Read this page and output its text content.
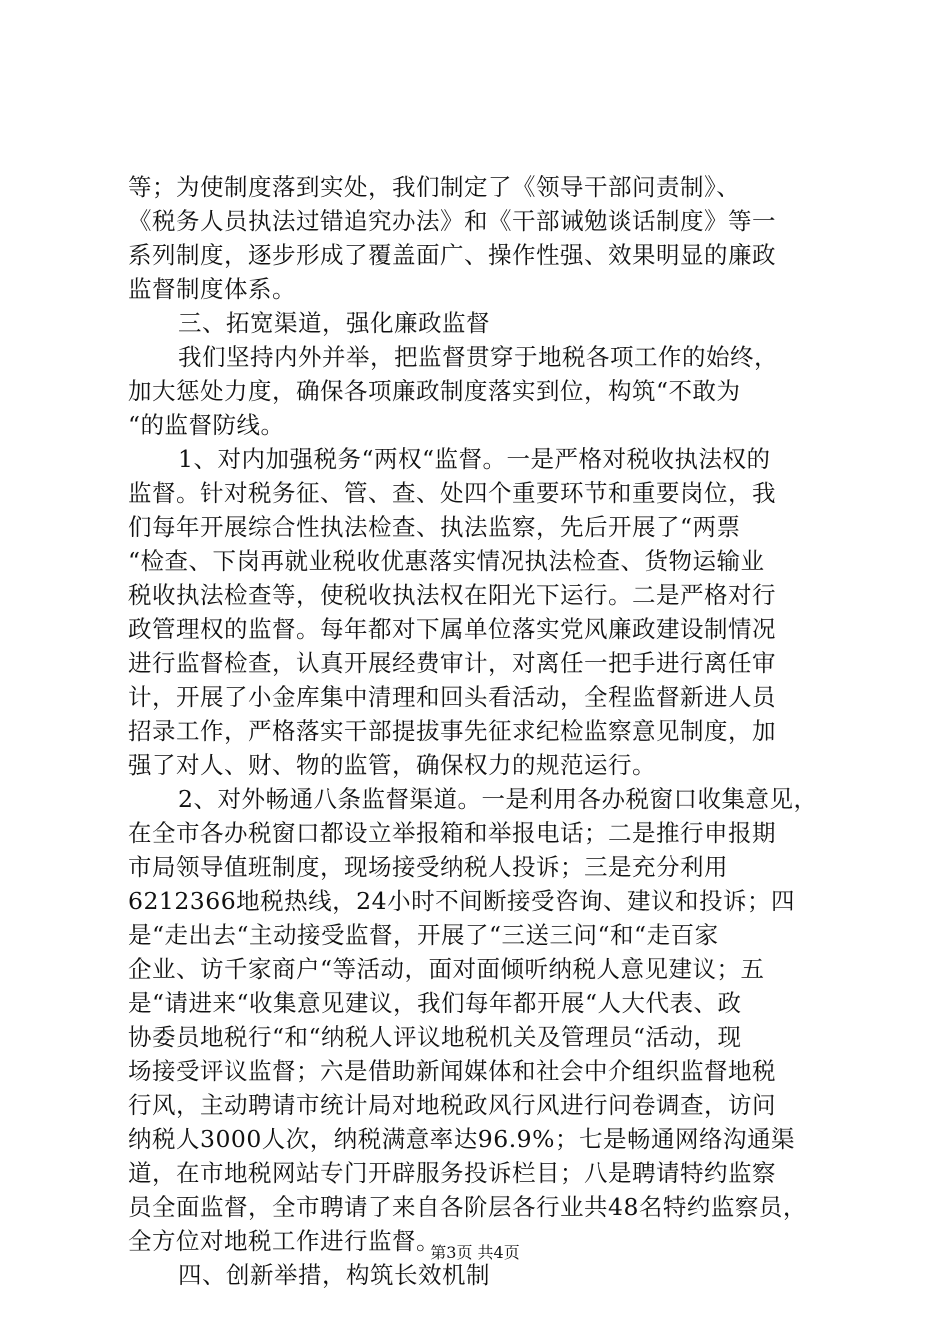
等；为使制度落到实处，我们制定了《领导干部问责制》、
《税务人员执法过错追究办法》和《干部诫勉谈话制度》等一
系列制度，逐步形成了覆盖面广、操作性强、效果明显的廉政
监督制度体系。
三、拓宽渠道，强化廉政监督
我们坚持内外并举，把监督贯穿于地税各项工作的始终，
加大惩处力度，确保各项廉政制度落实到位，构筑“不敢为
“的监督防线。
1、对内加强税务“两权“监督。一是严格对税收执法权的
监督。针对税务征、管、查、处四个重要环节和重要岗位，我
们每年开展综合性执法检查、执法监察，先后开展了“两票
“检查、下岗再就业税收优惠落实情况执法检查、货物运输业
税收执法检查等，使税收执法权在阳光下运行。二是严格对行
政管理权的监督。每年都对下属单位落实党风廉政建设制情况
进行监督检查，认真开展经费审计，对离任一把手进行离任审
计，开展了小金库集中清理和回头看活动，全程监督新进人员
招录工作，严格落实干部提拔事先征求纪检监察意见制度，加
强了对人、财、物的监管，确保权力的规范运行。
2、对外畅通八条监督渠道。一是利用各办税窗口收集意见，
在全市各办税窗口都设立举报箱和举报电话；二是推行申报期
市局领导值班制度，现场接受纳税人投诉；三是充分利用
6212366地税热线，24小时不间断接受咨询、建议和投诉；四
是“走出去“主动接受监督，开展了“三送三问“和“走百家
企业、访千家商户“等活动，面对面倾听纳税人意见建议；五
是“请进来“收集意见建议，我们每年都开展“人大代表、政
协委员地税行“和“纳税人评议地税机关及管理员“活动，现
场接受评议监督；六是借助新闻媒体和社会中介组织监督地税
行风，主动聘请市统计局对地税政风行风进行问卷调查，访问
纳税人3000人次，纳税满意率达96.9%；七是畅通网络沟通渠
道，在市地税网站专门开辟服务投诉栏目；八是聘请特约监察
员全面监督，全市聘请了来自各阶层各行业共48名特约监察员，
全方位对地税工作进行监督。
四、创新举措，构筑长效机制
第3页 共4页
